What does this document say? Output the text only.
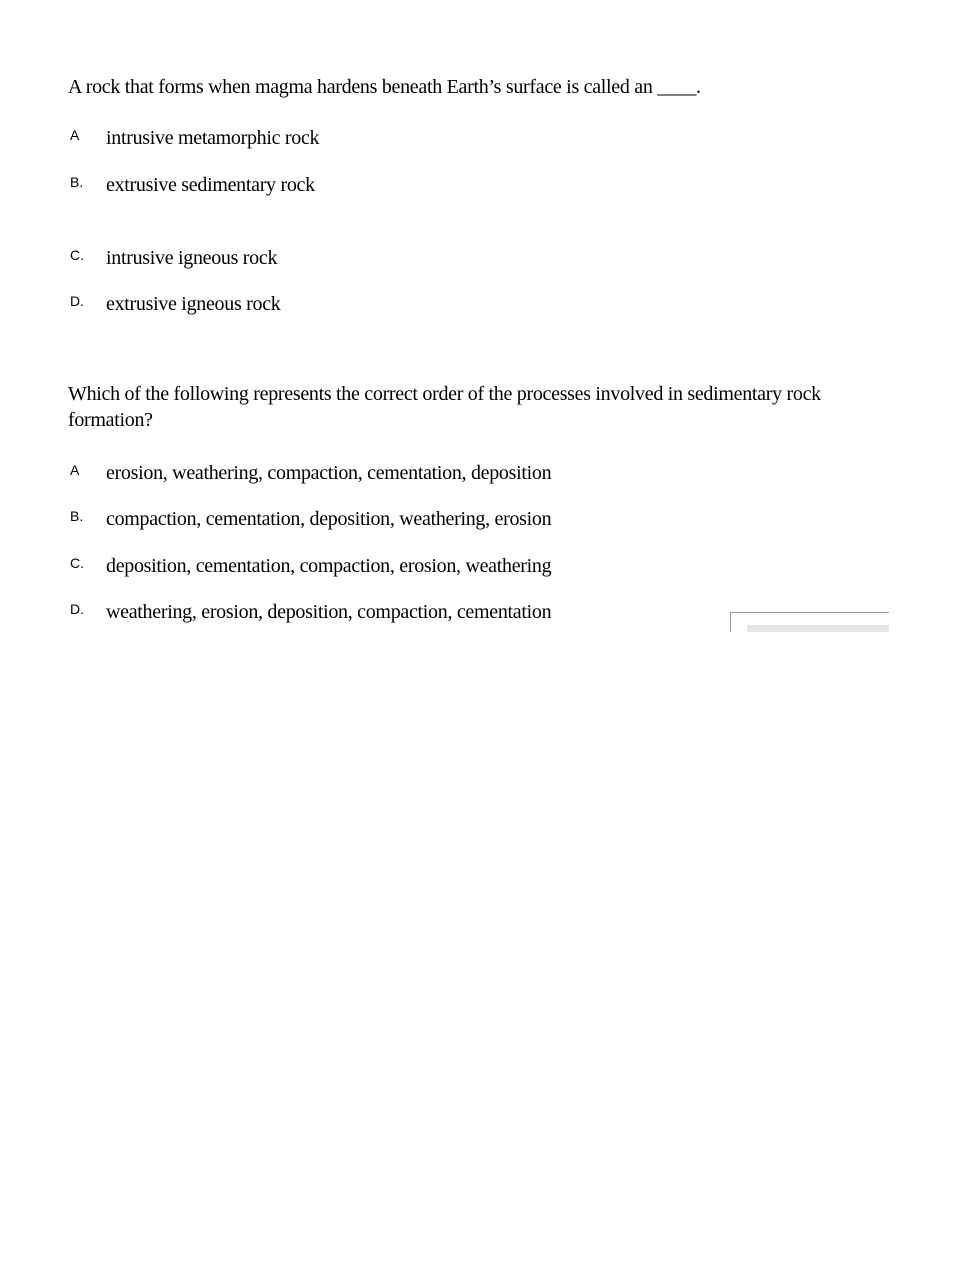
A rock that forms when magma hardens beneath Earth’s surface is called an ____.
A	intrusive metamorphic rock
B.	extrusive sedimentary rock
C.	intrusive igneous rock
D.	extrusive igneous rock
Which of the following represents the correct order of the processes involved in sedimentary rock formation?
A	erosion, weathering, compaction, cementation, deposition
B.	compaction, cementation, deposition, weathering, erosion
C.	deposition, cementation, compaction, erosion, weathering
D.	weathering, erosion, deposition, compaction, cementation
